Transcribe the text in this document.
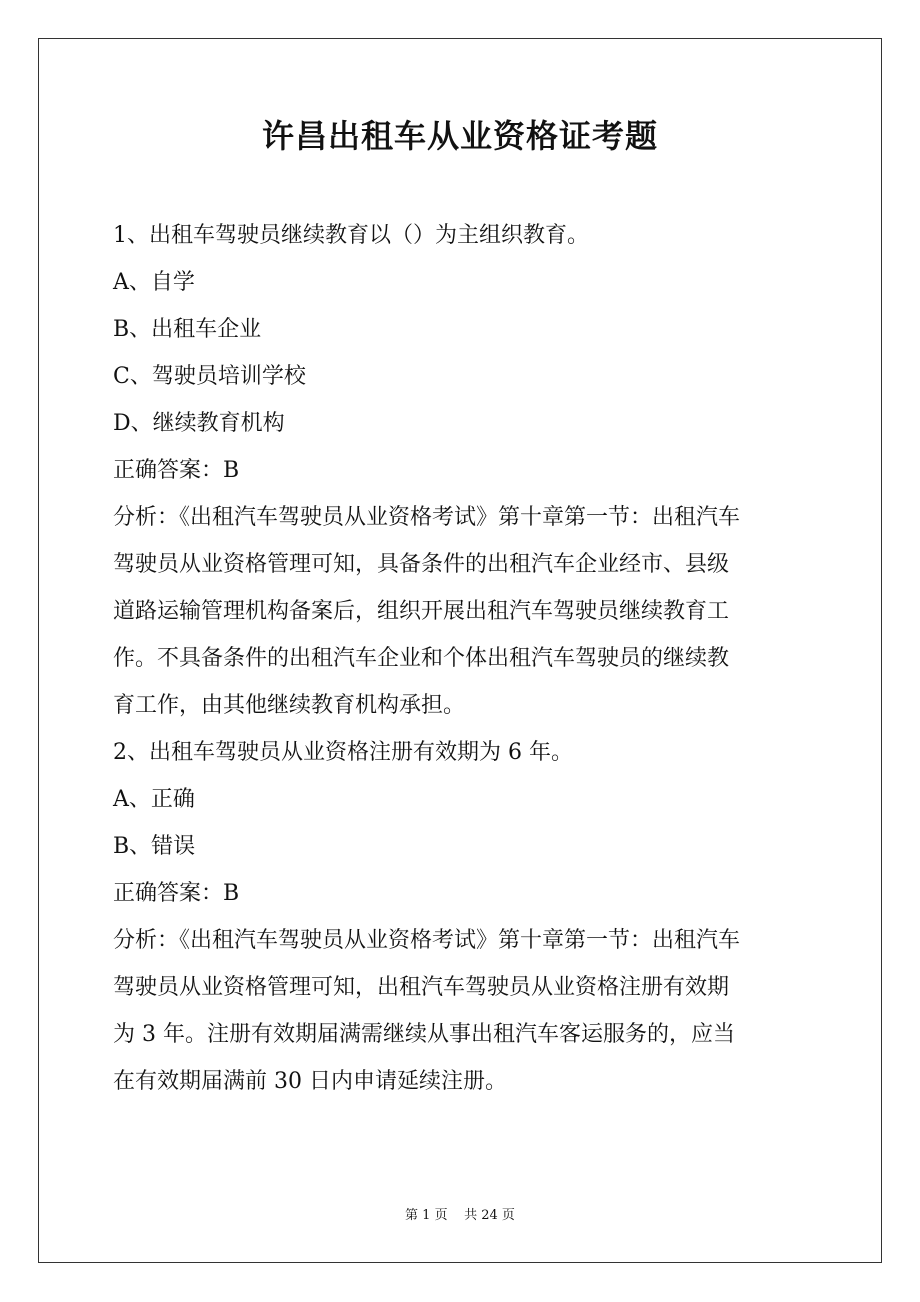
许昌出租车从业资格证考题
1、出租车驾驶员继续教育以（）为主组织教育。
A、自学
B、出租车企业
C、驾驶员培训学校
D、继续教育机构
正确答案：B
分析：《出租汽车驾驶员从业资格考试》第十章第一节：出租汽车
驾驶员从业资格管理可知，具备条件的出租汽车企业经市、县级
道路运输管理机构备案后，组织开展出租汽车驾驶员继续教育工
作。不具备条件的出租汽车企业和个体出租汽车驾驶员的继续教
育工作，由其他继续教育机构承担。
2、出租车驾驶员从业资格注册有效期为 6 年。
A、正确
B、错误
正确答案：B
分析：《出租汽车驾驶员从业资格考试》第十章第一节：出租汽车
驾驶员从业资格管理可知，出租汽车驾驶员从业资格注册有效期
为 3 年。注册有效期届满需继续从事出租汽车客运服务的，应当
在有效期届满前 30 日内申请延续注册。
第 1 页 共 24 页
